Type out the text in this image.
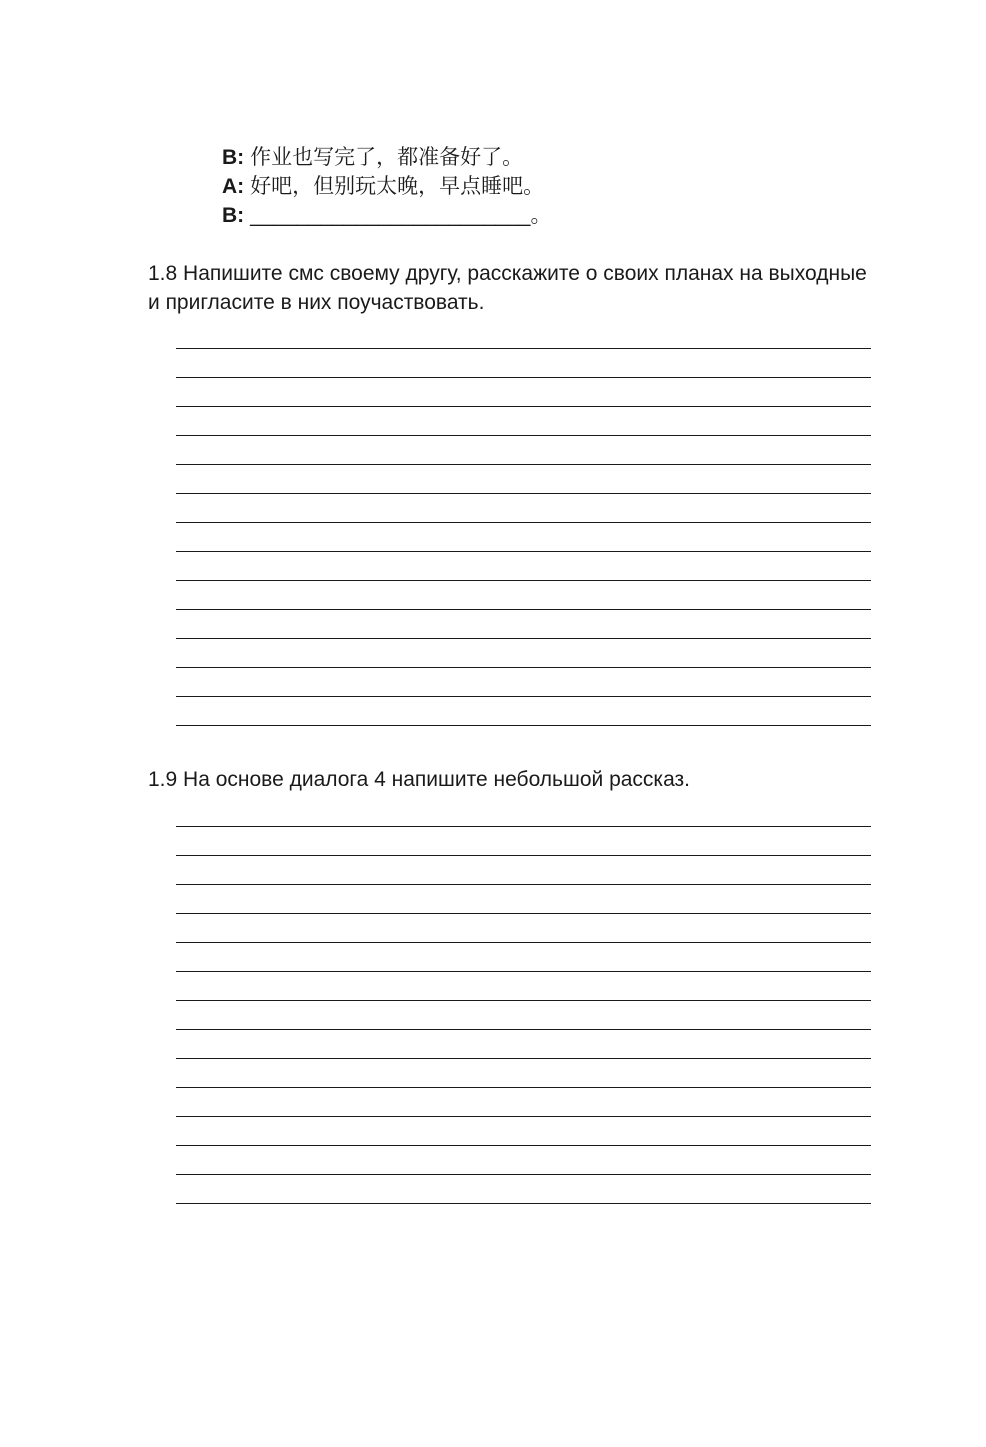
B: 作业也写完了，都准备好了。
A: 好吧，但别玩太晚，早点睡吧。
B: ________________________。
1.8 Напишите смс своему другу, расскажите о своих планах на выходные и пригласите в них поучаствовать.
1.9 На основе диалога 4 напишите небольшой рассказ.
